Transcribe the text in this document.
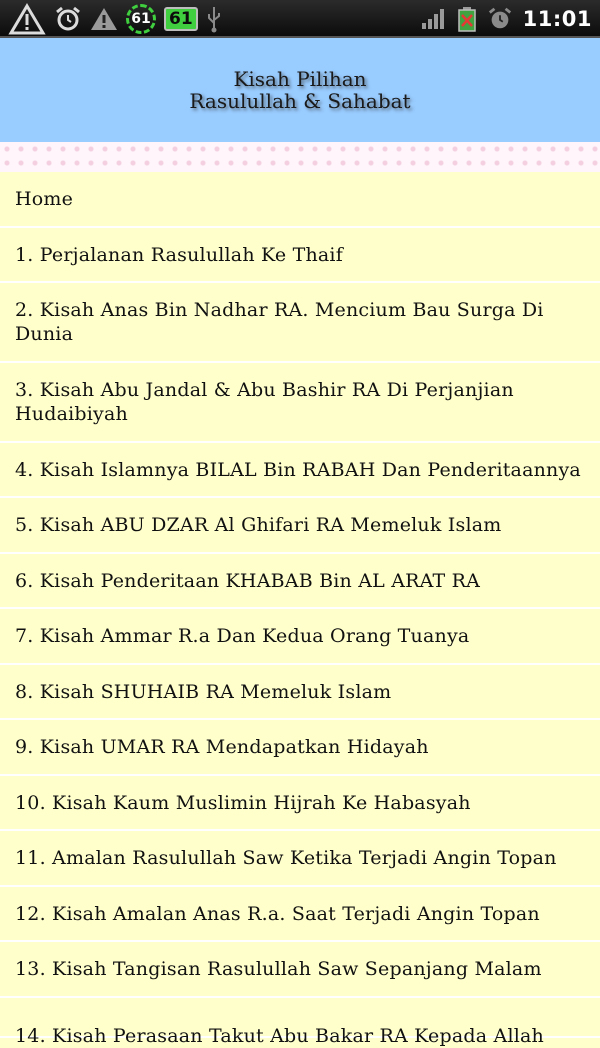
61	61	11:01
Kisah Pilihan
Rasulullah & Sahabat
Home
1. Perjalanan Rasulullah Ke Thaif
2. Kisah Anas Bin Nadhar RA. Mencium Bau Surga Di Dunia
3. Kisah Abu Jandal & Abu Bashir RA Di Perjanjian Hudaibiyah
4. Kisah Islamnya BILAL Bin RABAH Dan Penderitaannya
5. Kisah ABU DZAR Al Ghifari RA Memeluk Islam
6. Kisah Penderitaan KHABAB Bin AL ARAT RA
7. Kisah Ammar R.a Dan Kedua Orang Tuanya
8. Kisah SHUHAIB RA Memeluk Islam
9. Kisah UMAR RA Mendapatkan Hidayah
10. Kisah Kaum Muslimin Hijrah Ke Habasyah
11. Amalan Rasulullah Saw Ketika Terjadi Angin Topan
12. Kisah Amalan Anas R.a. Saat Terjadi Angin Topan
13. Kisah Tangisan Rasulullah Saw Sepanjang Malam
14. Kisah Perasaan Takut Abu Bakar RA Kepada Allah
